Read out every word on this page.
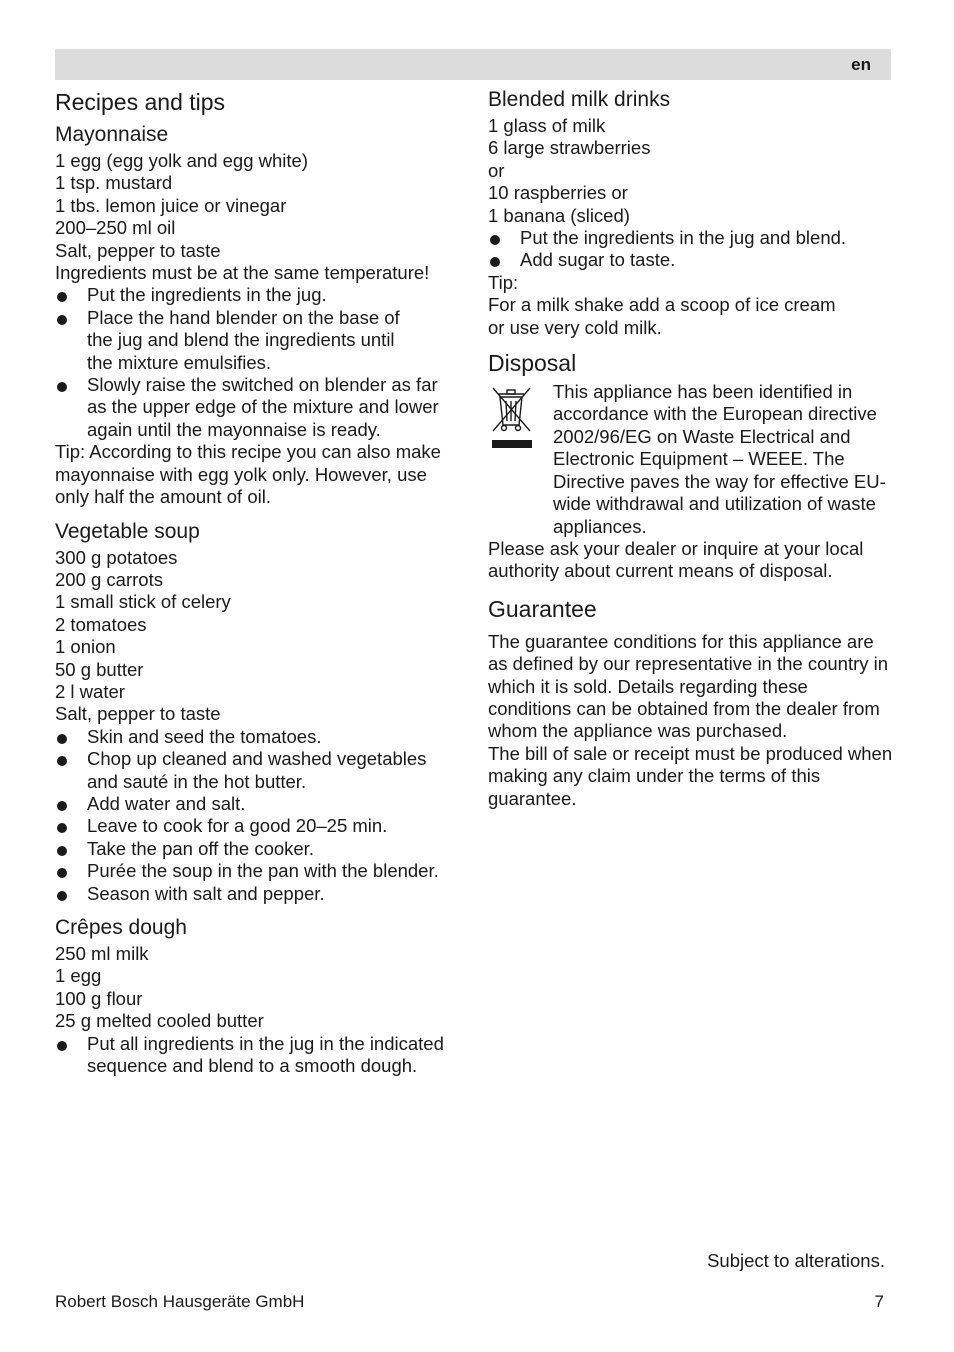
en
Recipes and tips
Mayonnaise
1 egg (egg yolk and egg white)
1 tsp. mustard
1 tbs. lemon juice or vinegar
200–250 ml oil
Salt, pepper to taste
Ingredients must be at the same temperature!
Put the ingredients in the jug.
Place the hand blender on the base of the jug and blend the ingredients until the mixture emulsifies.
Slowly raise the switched on blender as far as the upper edge of the mixture and lower again until the mayonnaise is ready.
Tip: According to this recipe you can also make mayonnaise with egg yolk only. However, use only half the amount of oil.
Vegetable soup
300 g potatoes
200 g carrots
1 small stick of celery
2 tomatoes
1 onion
50 g butter
2 l water
Salt, pepper to taste
Skin and seed the tomatoes.
Chop up cleaned and washed vegetables and sauté in the hot butter.
Add water and salt.
Leave to cook for a good 20–25 min.
Take the pan off the cooker.
Purée the soup in the pan with the blender.
Season with salt and pepper.
Crêpes dough
250 ml milk
1 egg
100 g flour
25 g melted cooled butter
Put all ingredients in the jug in the indicated sequence and blend to a smooth dough.
Blended milk drinks
1 glass of milk
6 large strawberries
or
10 raspberries or
1 banana (sliced)
Put the ingredients in the jug and blend.
Add sugar to taste.
Tip:
For a milk shake add a scoop of ice cream or use very cold milk.
Disposal
This appliance has been identified in accordance with the European directive 2002/96/EG on Waste Electrical and Electronic Equipment – WEEE. The Directive paves the way for effective EU-wide withdrawal and utilization of waste appliances.
Please ask your dealer or inquire at your local authority about current means of disposal.
Guarantee
The guarantee conditions for this appliance are as defined by our representative in the country in which it is sold. Details regarding these conditions can be obtained from the dealer from whom the appliance was purchased.
The bill of sale or receipt must be produced when making any claim under the terms of this guarantee.
Subject to alterations.
Robert Bosch Hausgeräte GmbH	7
